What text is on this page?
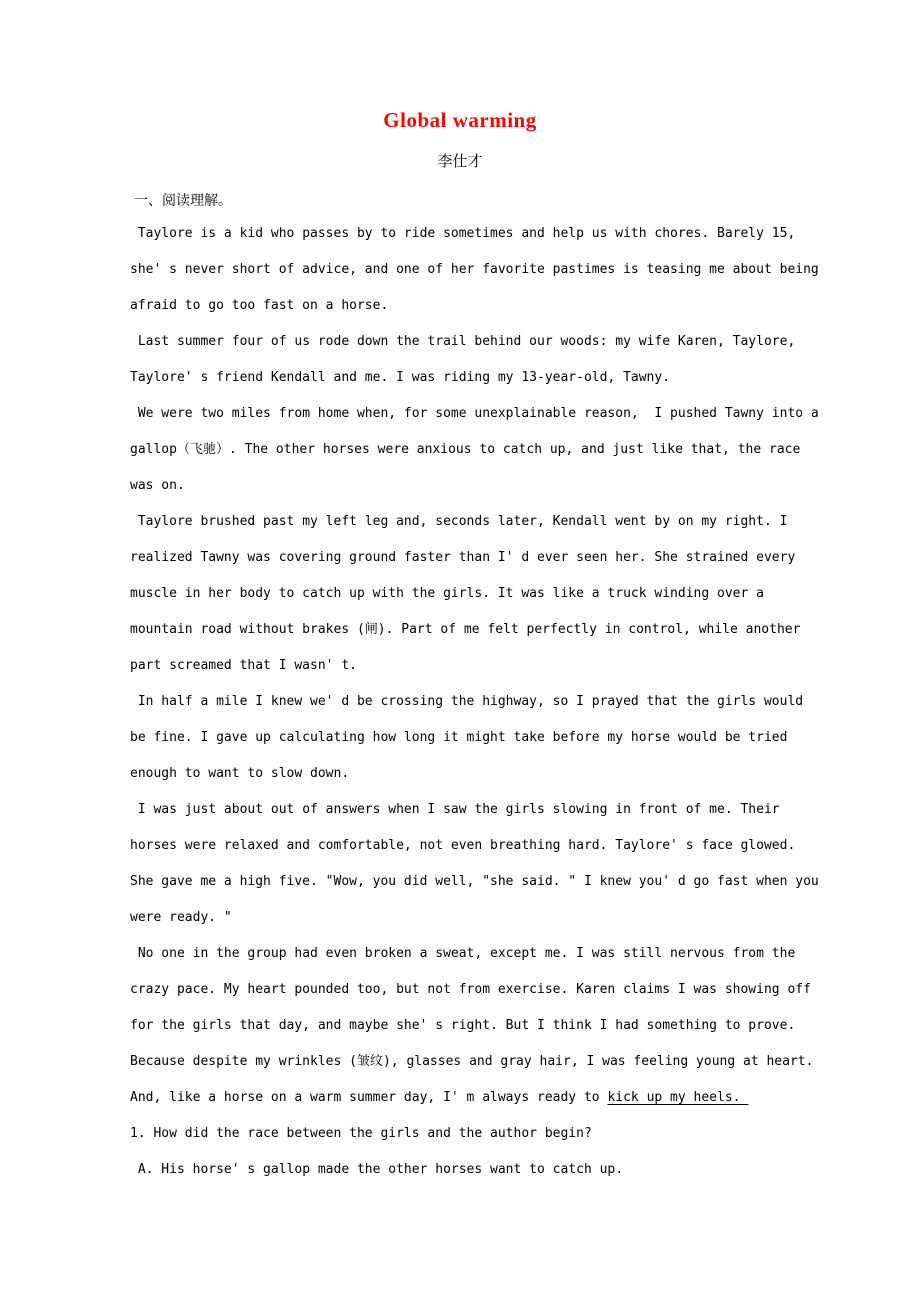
Global warming
李仕才
一、阅读理解。

Taylore is a kid who passes by to ride sometimes and help us with chores. Barely 15, she' s never short of advice, and one of her favorite pastimes is teasing me about being afraid to go too fast on a horse.

Last summer four of us rode down the trail behind our woods: my wife Karen, Taylore, Taylore' s friend Kendall and me. I was riding my 13-year-old, Tawny.

We were two miles from home when, for some unexplainable reason,  I pushed Tawny into a gallop（飞驰）. The other horses were anxious to catch up, and just like that, the race was on.

Taylore brushed past my left leg and, seconds later, Kendall went by on my right. I realized Tawny was covering ground faster than I' d ever seen her. She strained every muscle in her body to catch up with the girls. It was like a truck winding over a mountain road without brakes (闸). Part of me felt perfectly in control, while another part screamed that I wasn' t.

In half a mile I knew we' d be crossing the highway, so I prayed that the girls would be fine. I gave up calculating how long it might take before my horse would be tried enough to want to slow down.

I was just about out of answers when I saw the girls slowing in front of me. Their horses were relaxed and comfortable, not even breathing hard. Taylore' s face glowed. She gave me a high five. "Wow, you did well, "she said. " I knew you' d go fast when you were ready. "

No one in the group had even broken a sweat, except me. I was still nervous from the crazy pace. My heart pounded too, but not from exercise. Karen claims I was showing off for the girls that day, and maybe she' s right. But I think I had something to prove. Because despite my wrinkles (皱纹), glasses and gray hair, I was feeling young at heart. And, like a horse on a warm summer day, I' m always ready to kick up my heels.

1. How did the race between the girls and the author begin?

A. His horse' s gallop made the other horses want to catch up.
